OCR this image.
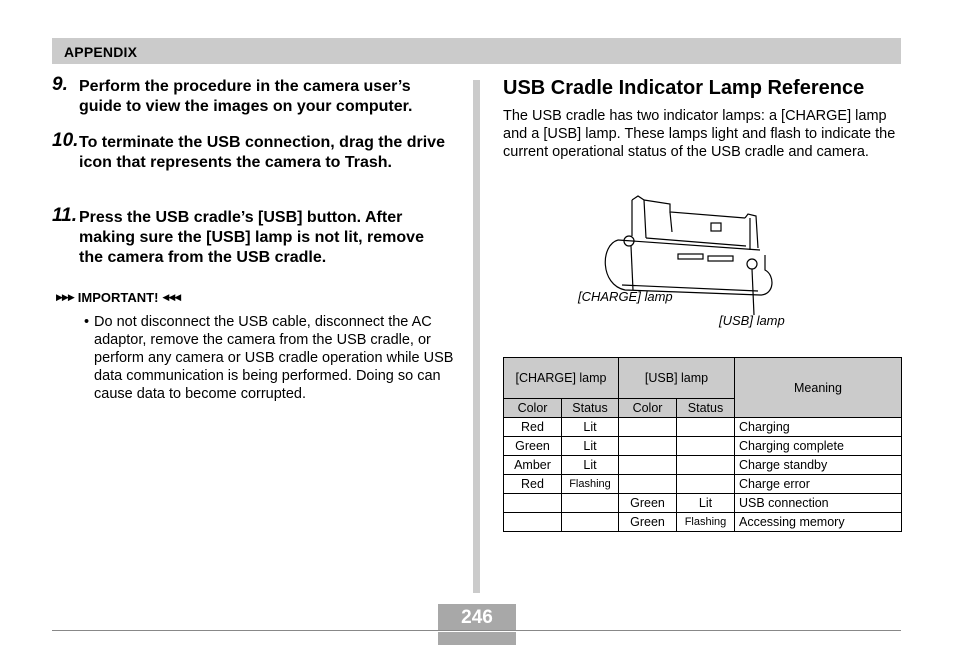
APPENDIX
9. Perform the procedure in the camera user’s guide to view the images on your computer.
10. To terminate the USB connection, drag the drive icon that represents the camera to Trash.
11. Press the USB cradle’s [USB] button. After making sure the [USB] lamp is not lit, remove the camera from the USB cradle.
▶▶▶ IMPORTANT! ◀◀◀
• Do not disconnect the USB cable, disconnect the AC adaptor, remove the camera from the USB cradle, or perform any camera or USB cradle operation while USB data communication is being performed. Doing so can cause data to become corrupted.
USB Cradle Indicator Lamp Reference
The USB cradle has two indicator lamps: a [CHARGE] lamp and a [USB] lamp. These lamps light and flash to indicate the current operational status of the USB cradle and camera.
[CHARGE] lamp
[USB] lamp
[CHARGE] lamp		[USB] lamp		Meaning
Color	Status	Color	Status	
Red	Lit			Charging
Green	Lit			Charging complete
Amber	Lit			Charge standby
Red	Flashing			Charge error
		Green	Lit	USB connection
		Green	Flashing	Accessing memory
246
